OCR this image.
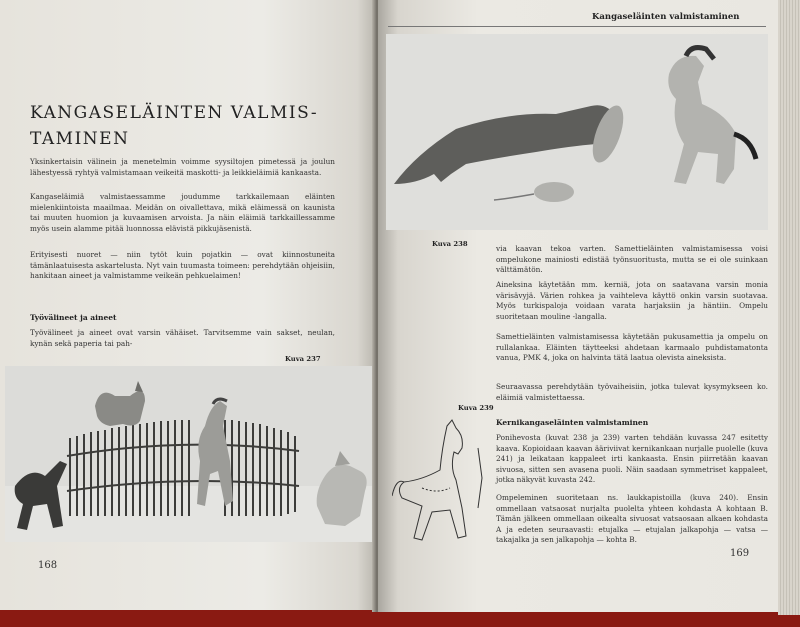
KANGASELÄINTEN VALMIS-
TAMINEN

Yksinkertaisin välinein ja menetelmin voimme syysiltojen pimetessä ja joulun lähestyessä ryhtyä valmistamaan veikeitä maskotti- ja leikkieläimiä kankaasta.

Kangaseläimiä valmistaessamme joudumme tarkkailemaan eläinten mielenkiintoista maailmaa. Meidän on oivallettava, mikä eläimessä on kaunista tai muuten huomion ja kuvaamisen arvoista. Ja näin eläimiä tarkkaillessamme myös usein alamme pitää luonnossa elävistä pikkujäsenistä.

Erityisesti nuoret — niin tytöt kuin pojatkin — ovat kiinnostuneita tämänlaatuisesta askartelusta. Nyt vain tuumasta toimeen: perehdytään ohjeisiin, hankitaan aineet ja valmistamme veikeän pehkuelaimen!

Työvälineet ja aineet

Työvälineet ja aineet ovat varsin vähäiset. Tarvitsemme vain sakset, neulan, kynän sekä paperia tai pah-

Kuva 237
168
Kangaseläinten valmistaminen
Kuva 238	via kaavan tekoa varten. Samettieläinten valmistamisessa voisi ompelukone mainiosti edistää työnsuoritusta, mutta se ei ole suinkaan välttämätön.

Aineksina käytetään mm. kerniä, jota on saatavana varsin monia värisävyjä. Värien rohkea ja vaihteleva käyttö onkin varsin suotavaa. Myös turkispaloja voidaan varata harjaksiin ja häntiin. Ompelu suoritetaan mouline -langalla.

Samettieläinten valmistamisessa käytetään pukusamettia ja ompelu on rullalankaa. Eläinten täytteeksi ahdetaan karmaalo puhdistamatonta vanua, PMK 4, joka on halvinta tätä laatua olevista aineksista.

Seuraavassa perehdytään työvaiheisiin, jotka tulevat kysymykseen ko. eläimiä valmistettaessa.

Kuva 239

Kernikangaseläinten valmistaminen

Ponihevosta (kuvat 238 ja 239) varten tehdään kuvassa 247 esitetty kaava. Kopioidaan kaavan ääriviivat kernikankaan nurjalle puolelle (kuva 241) ja leikataan kappaleet irti kankaasta. Ensin piirretään kaavan sivuosa, sitten sen avasena puoli. Näin saadaan symmetriset kappaleet, jotka näkyvät kuvasta 242.

Ompeleminen suoritetaan ns. laukkapistoilla (kuva 240). Ensin ommellaan vatsaosat nurjalta puolelta yhteen kohdasta A kohtaan B. Tämän jälkeen ommellaan oikealta sivuosat vatsaosaan alkaen kohdasta A ja edeten seuraavasti: etujalka — etujalan jalkapohja — vatsa — takajalka ja sen jalkapohja — kohta B.

169
